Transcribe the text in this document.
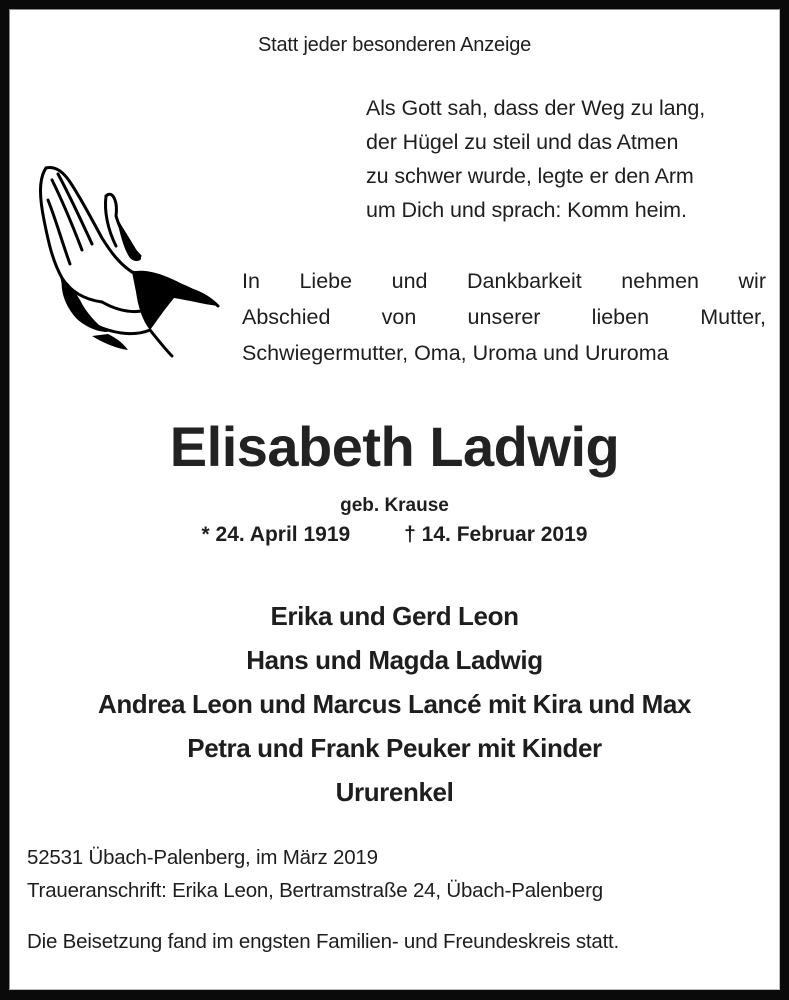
Statt jeder besonderen Anzeige
Als Gott sah, dass der Weg zu lang,
der Hügel zu steil und das Atmen
zu schwer wurde, legte er den Arm
um Dich und sprach: Komm heim.
In Liebe und Dankbarkeit nehmen wir
Abschied von unserer lieben Mutter,
Schwiegermutter, Oma, Uroma und Ururoma
Elisabeth Ladwig
geb. Krause
* 24. April 1919	† 14. Februar 2019
Erika und Gerd Leon
Hans und Magda Ladwig
Andrea Leon und Marcus Lancé mit Kira und Max
Petra und Frank Peuker mit Kinder
Ururenkel
52531 Übach-Palenberg, im März 2019
Traueranschrift: Erika Leon, Bertramstraße 24, Übach-Palenberg
Die Beisetzung fand im engsten Familien- und Freundeskreis statt.
